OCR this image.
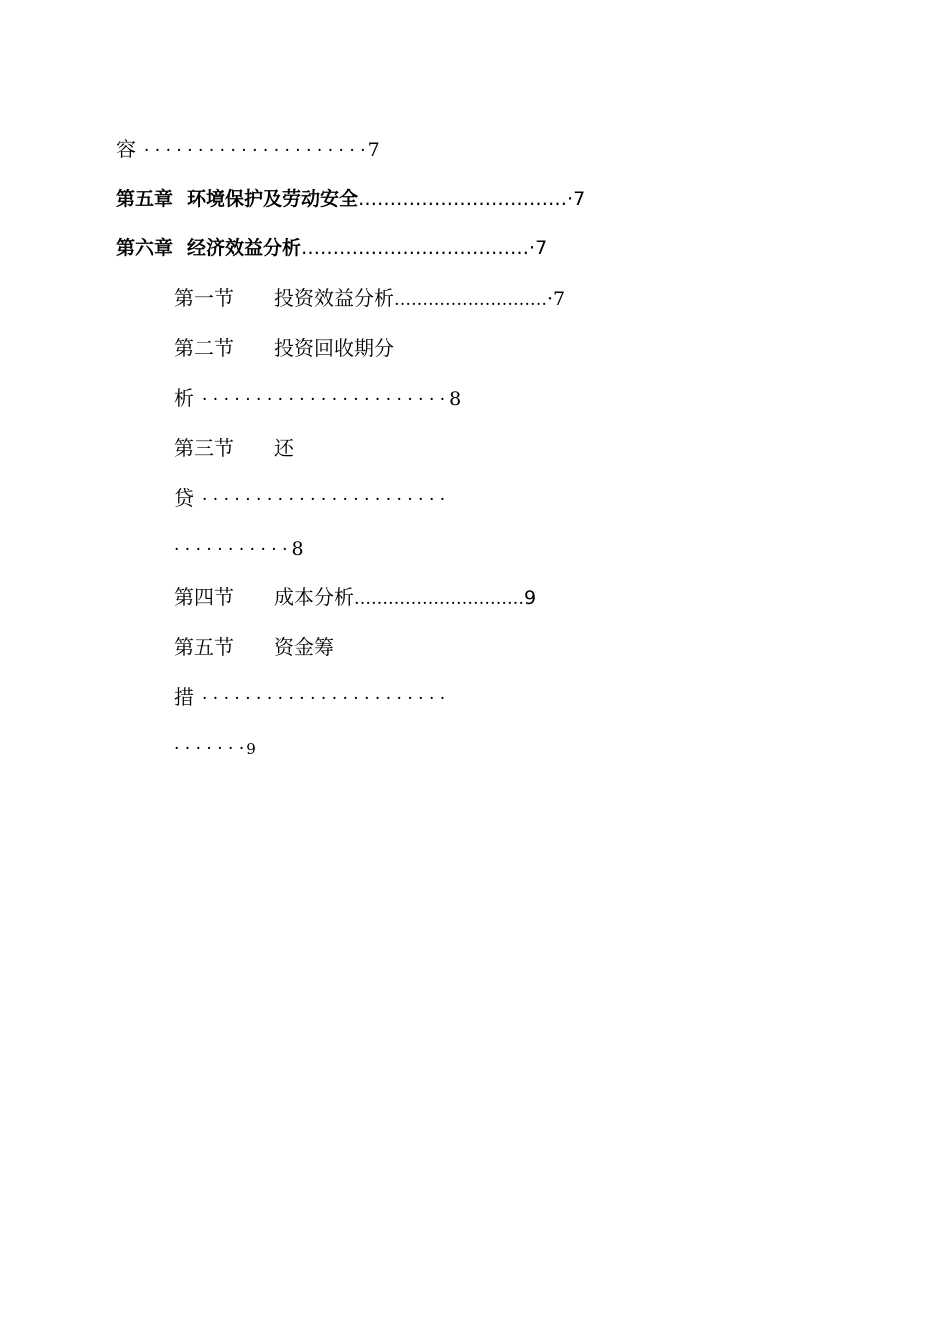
容 · · · · · · · · · · · · · · · · · · · · · 7
第五章 环境保护及劳动安全……………………………·7
第六章 经济效益分析………………………………·7
第一节 投资效益分析………………………·7
第二节 投资回收期分
析 · · · · · · · · · · · · · · · · · · · · · · · 8
第三节 还
贷 · · · · · · · · · · · · · · · · · · · · · · ·
· · · · · · · · · · · 8
第四节 成本分析…………………………9
第五节 资金筹
措 · · · · · · · · · · · · · · · · · · · · · · ·
· · · · · · · 9
